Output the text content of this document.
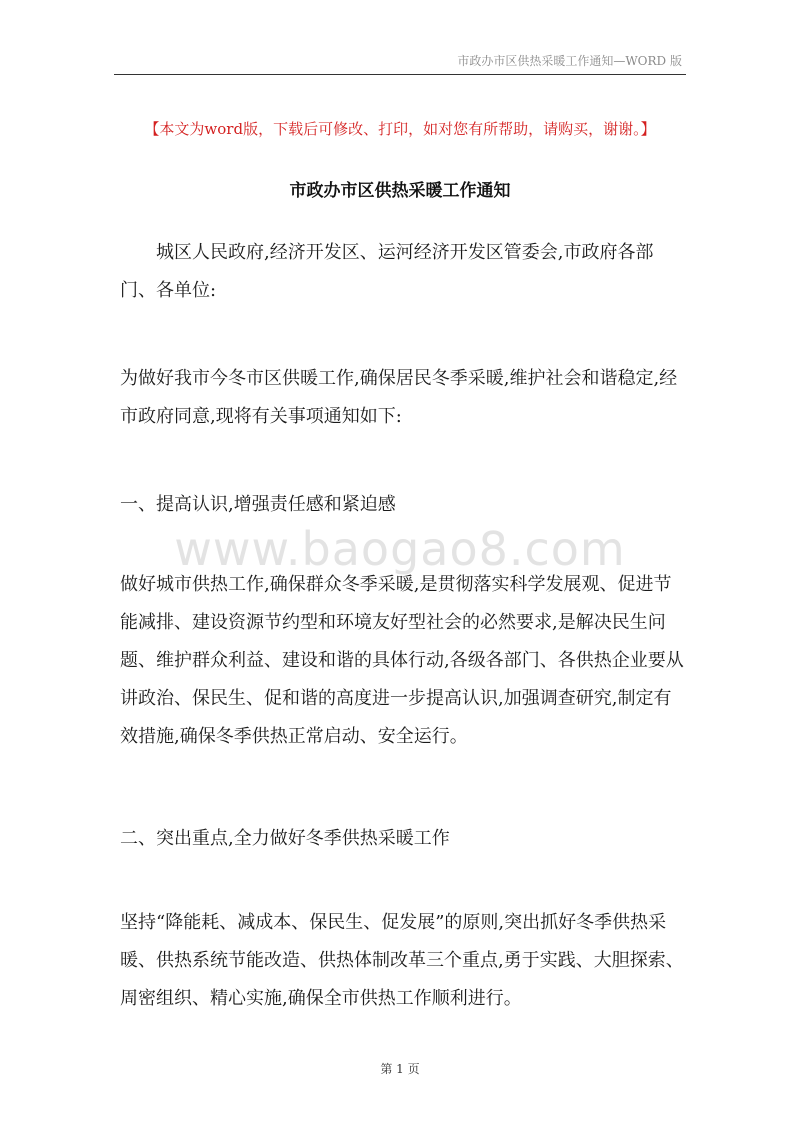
市政办市区供热采暖工作通知—WORD 版
【本文为word版，下载后可修改、打印，如对您有所帮助，请购买，谢谢。】
市政办市区供热采暖工作通知

城区人民政府,经济开发区、运河经济开发区管委会,市政府各部门、各单位:

为做好我市今冬市区供暖工作,确保居民冬季采暖,维护社会和谐稳定,经市政府同意,现将有关事项通知如下:

一、提高认识,增强责任感和紧迫感

www.baogao8.com

做好城市供热工作,确保群众冬季采暖,是贯彻落实科学发展观、促进节能减排、建设资源节约型和环境友好型社会的必然要求,是解决民生问题、维护群众利益、建设和谐的具体行动,各级各部门、各供热企业要从讲政治、保民生、促和谐的高度进一步提高认识,加强调查研究,制定有效措施,确保冬季供热正常启动、安全运行。

二、突出重点,全力做好冬季供热采暖工作

坚持“降能耗、减成本、保民生、促发展”的原则,突出抓好冬季供热采暖、供热系统节能改造、供热体制改革三个重点,勇于实践、大胆探索、周密组织、精心实施,确保全市供热工作顺利进行。

第 1 页
